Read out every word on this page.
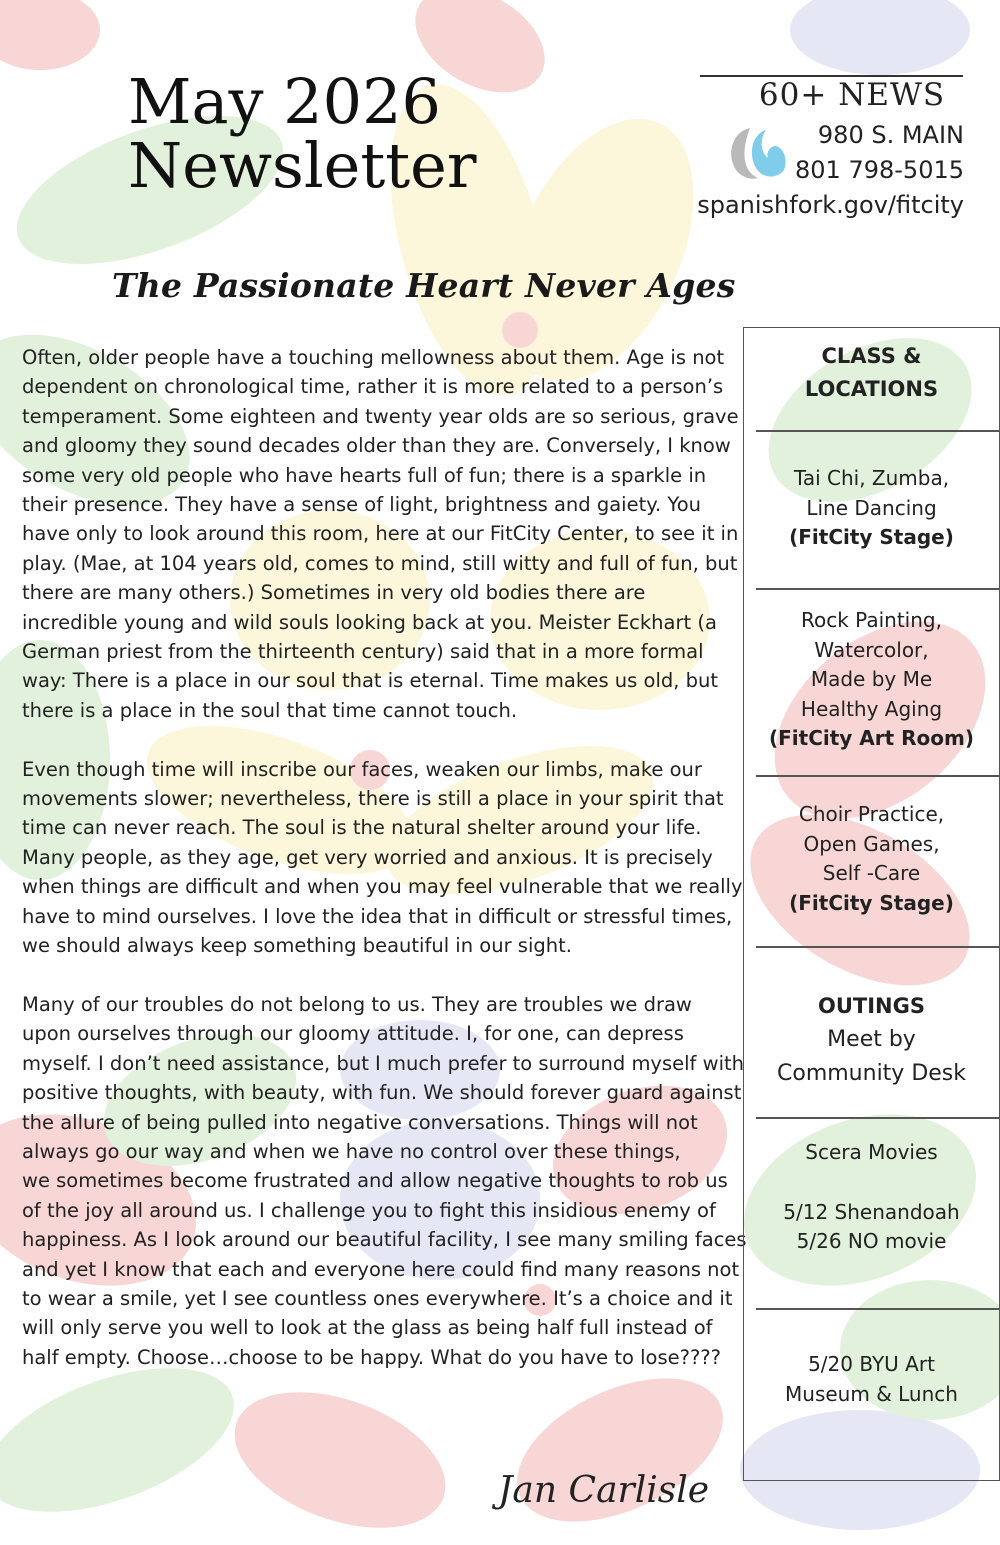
May 2026
Newsletter
60+ NEWS
980 S. MAIN
801 798-5015
spanishfork.gov/fitcity
The Passionate Heart Never Ages

Often, older people have a touching mellowness about them. Age is not dependent on chronological time, rather it is more related to a person’s temperament. Some eighteen and twenty year olds are so serious, grave and gloomy they sound decades older than they are. Conversely, I know some very old people who have hearts full of fun; there is a sparkle in their presence. They have a sense of light, brightness and gaiety. You have only to look around this room, here at our FitCity Center, to see it in play. (Mae, at 104 years old, comes to mind, still witty and full of fun, but there are many others.) Sometimes in very old bodies there are incredible young and wild souls looking back at you. Meister Eckhart (a German priest from the thirteenth century) said that in a more formal way: There is a place in our soul that is eternal. Time makes us old, but there is a place in the soul that time cannot touch.

Even though time will inscribe our faces, weaken our limbs, make our movements slower; nevertheless, there is still a place in your spirit that time can never reach. The soul is the natural shelter around your life. Many people, as they age, get very worried and anxious. It is precisely when things are difficult and when you may feel vulnerable that we really have to mind ourselves. I love the idea that in difficult or stressful times, we should always keep something beautiful in our sight.

Many of our troubles do not belong to us. They are troubles we draw upon ourselves through our gloomy attitude. I, for one, can depress myself. I don’t need assistance, but I much prefer to surround myself with positive thoughts, with beauty, with fun. We should forever guard against the allure of being pulled into negative conversations. Things will not always go our way and when we have no control over these things,

we sometimes become frustrated and allow negative thoughts to rob us of the joy all around us. I challenge you to fight this insidious enemy of happiness. As I look around our beautiful facility, I see many smiling faces and yet I know that each and everyone here could find many reasons not to wear a smile, yet I see countless ones everywhere. It’s a choice and it will only serve you well to look at the glass as being half full instead of half empty. Choose…choose to be happy. What do you have to lose????

Jan Carlisle
CLASS &
LOCATIONS
Tai Chi, Zumba,
Line Dancing
(FitCity Stage)
Rock Painting,
Watercolor,
Made by Me
Healthy Aging
(FitCity Art Room)
Choir Practice,
Open Games,
Self -Care
(FitCity Stage)
OUTINGS
Meet by
Community Desk
Scera Movies
5/12 Shenandoah
5/26 NO movie
5/20 BYU Art
Museum & Lunch
